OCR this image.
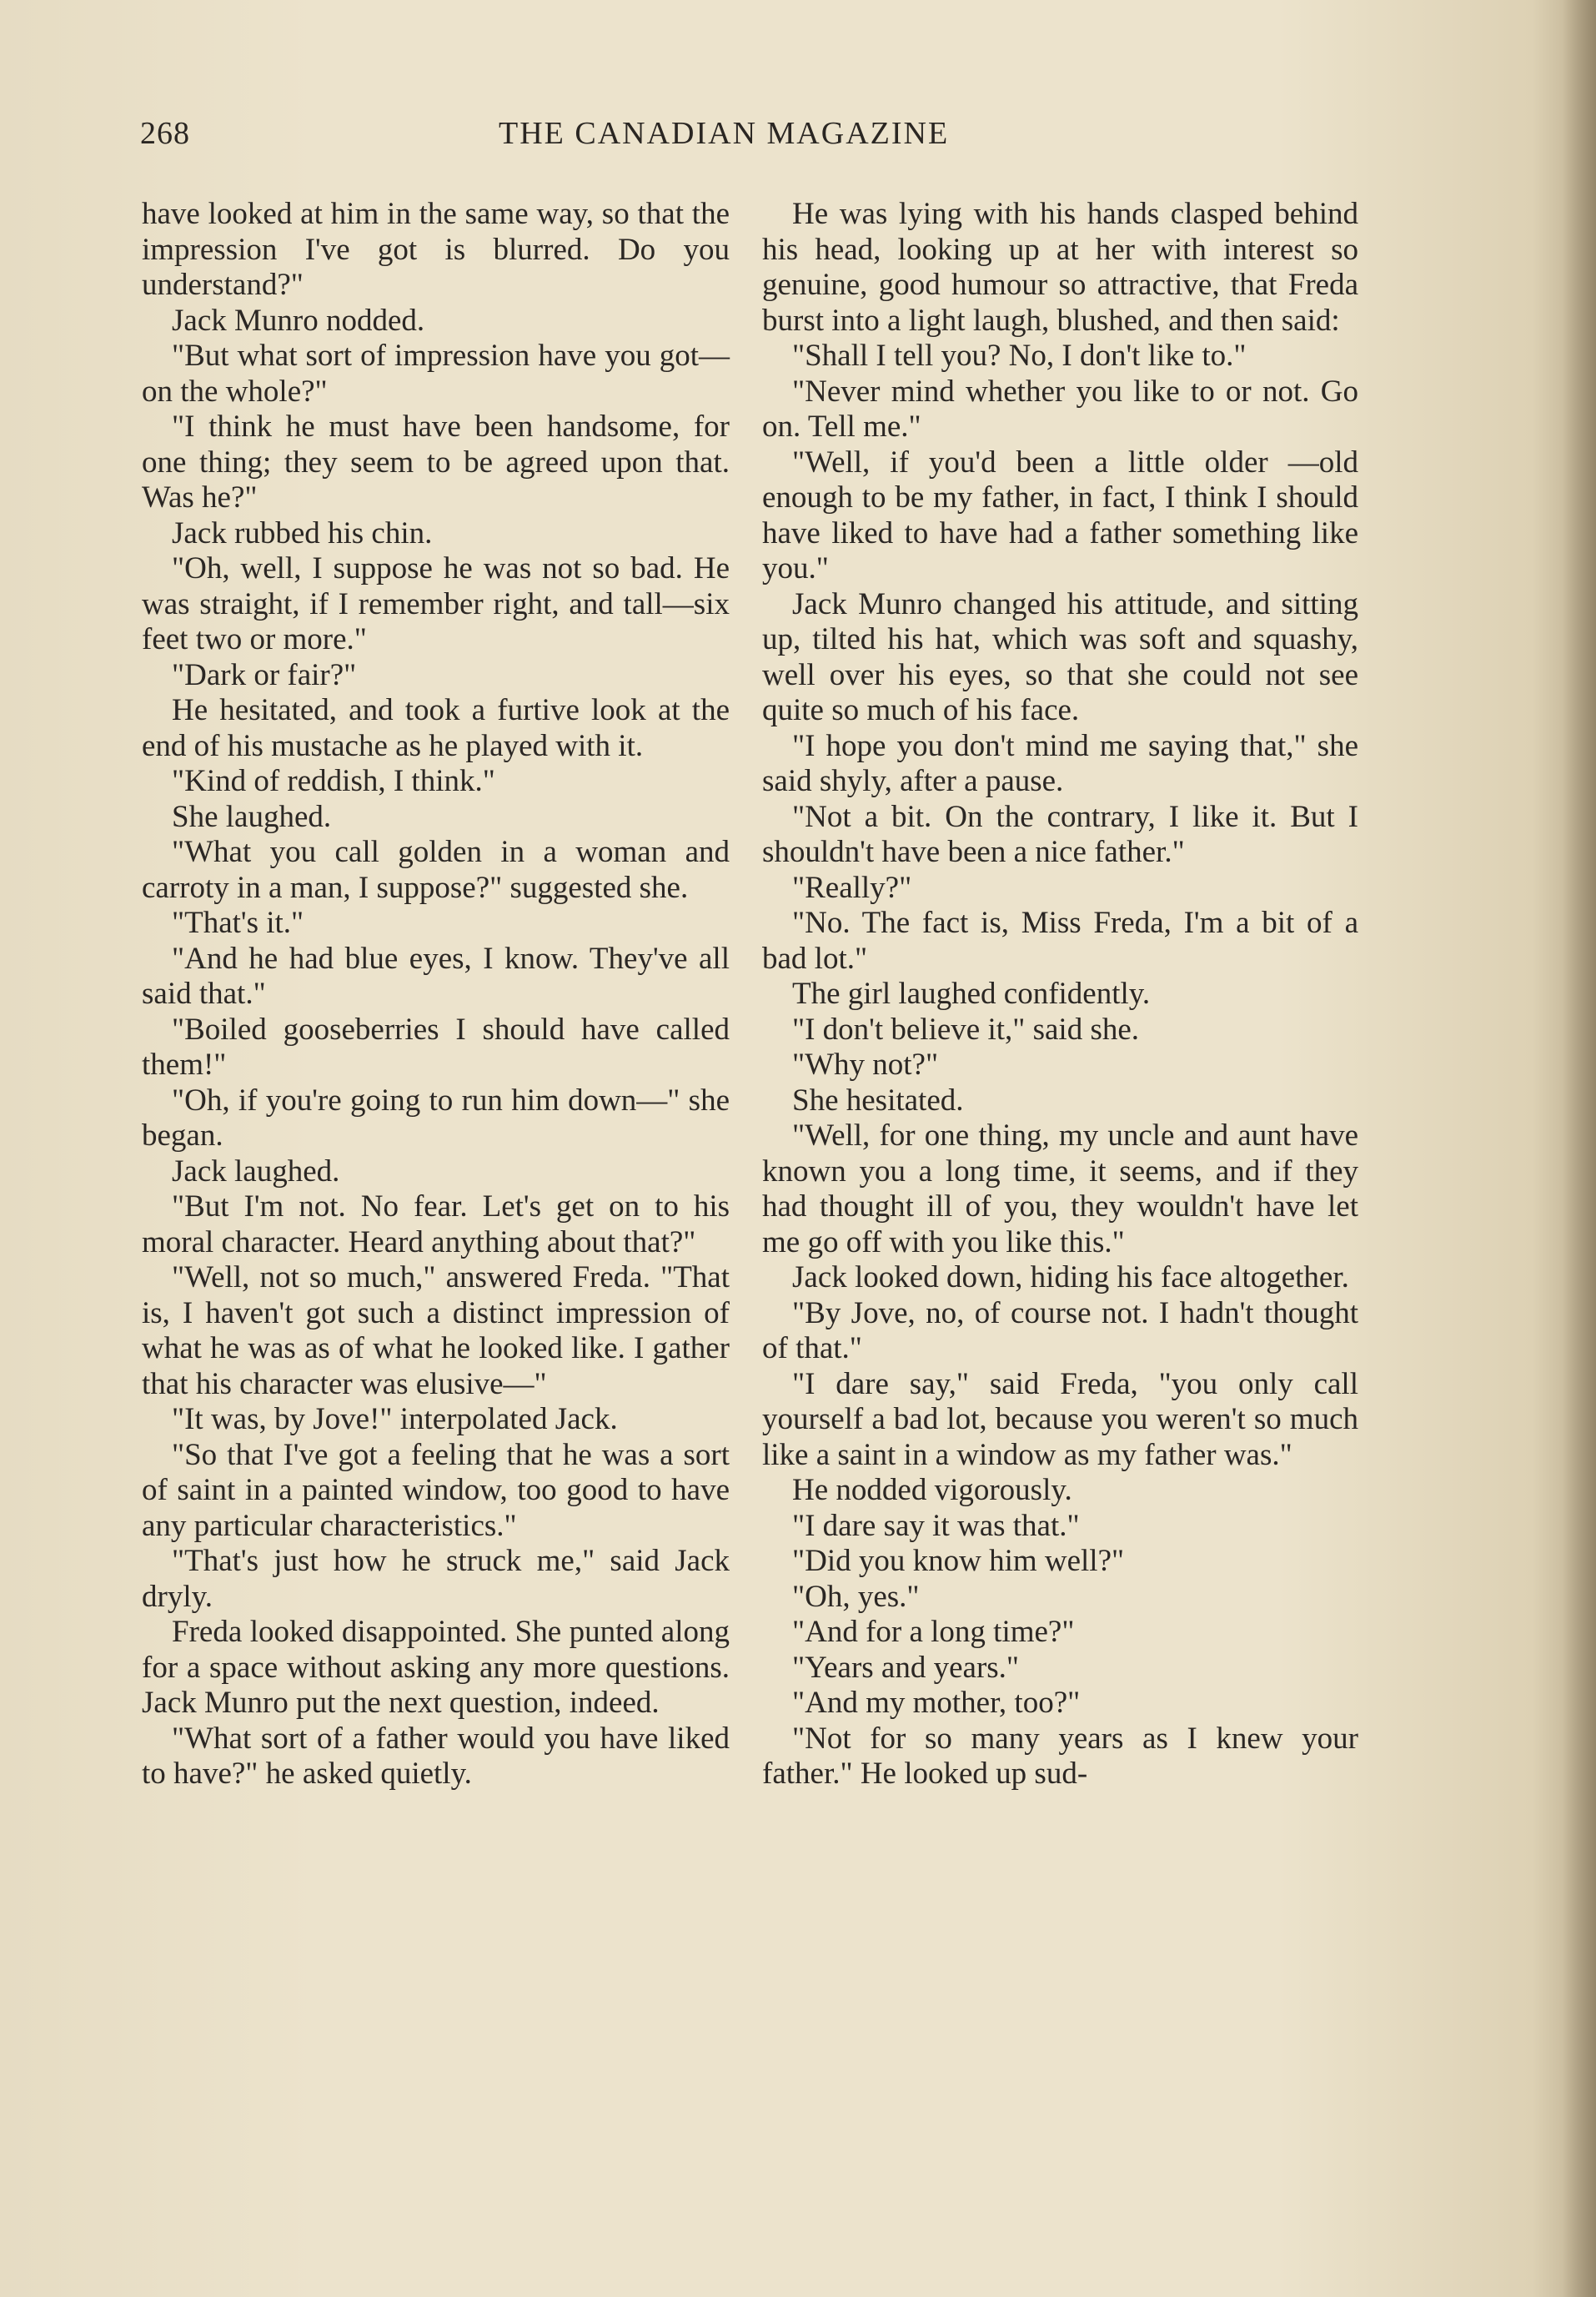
268	THE CANADIAN MAGAZINE

have looked at him in the same way, so that the impression I've got is blurred. Do you understand?"

Jack Munro nodded.

"But what sort of impression have you got—on the whole?"

"I think he must have been handsome, for one thing; they seem to be agreed upon that. Was he?"

Jack rubbed his chin.

"Oh, well, I suppose he was not so bad. He was straight, if I remember right, and tall—six feet two or more."

"Dark or fair?"

He hesitated, and took a furtive look at the end of his mustache as he played with it.

"Kind of reddish, I think."

She laughed.

"What you call golden in a woman and carroty in a man, I suppose?" suggested she.

"That's it."

"And he had blue eyes, I know. They've all said that."

"Boiled gooseberries I should have called them!"

"Oh, if you're going to run him down—" she began.

Jack laughed.

"But I'm not. No fear. Let's get on to his moral character. Heard anything about that?"

"Well, not so much," answered Freda. "That is, I haven't got such a distinct impression of what he was as of what he looked like. I gather that his character was elusive—"

"It was, by Jove!" interpolated Jack.

"So that I've got a feeling that he was a sort of saint in a painted window, too good to have any particular characteristics."

"That's just how he struck me," said Jack dryly.

Freda looked disappointed. She punted along for a space without asking any more questions. Jack Munro put the next question, indeed.

"What sort of a father would you have liked to have?" he asked quietly.

He was lying with his hands clasped behind his head, looking up at her with interest so genuine, good humour so attractive, that Freda burst into a light laugh, blushed, and then said:

"Shall I tell you? No, I don't like to."

"Never mind whether you like to or not. Go on. Tell me."

"Well, if you'd been a little older —old enough to be my father, in fact, I think I should have liked to have had a father something like you."

Jack Munro changed his attitude, and sitting up, tilted his hat, which was soft and squashy, well over his eyes, so that she could not see quite so much of his face.

"I hope you don't mind me saying that," she said shyly, after a pause.

"Not a bit. On the contrary, I like it. But I shouldn't have been a nice father."

"Really?"

"No. The fact is, Miss Freda, I'm a bit of a bad lot."

The girl laughed confidently.

"I don't believe it," said she.

"Why not?"

She hesitated.

"Well, for one thing, my uncle and aunt have known you a long time, it seems, and if they had thought ill of you, they wouldn't have let me go off with you like this."

Jack looked down, hiding his face altogether.

"By Jove, no, of course not. I hadn't thought of that."

"I dare say," said Freda, "you only call yourself a bad lot, because you weren't so much like a saint in a window as my father was."

He nodded vigorously.

"I dare say it was that."

"Did you know him well?"

"Oh, yes."

"And for a long time?"

"Years and years."

"And my mother, too?"

"Not for so many years as I knew your father." He looked up sud-
